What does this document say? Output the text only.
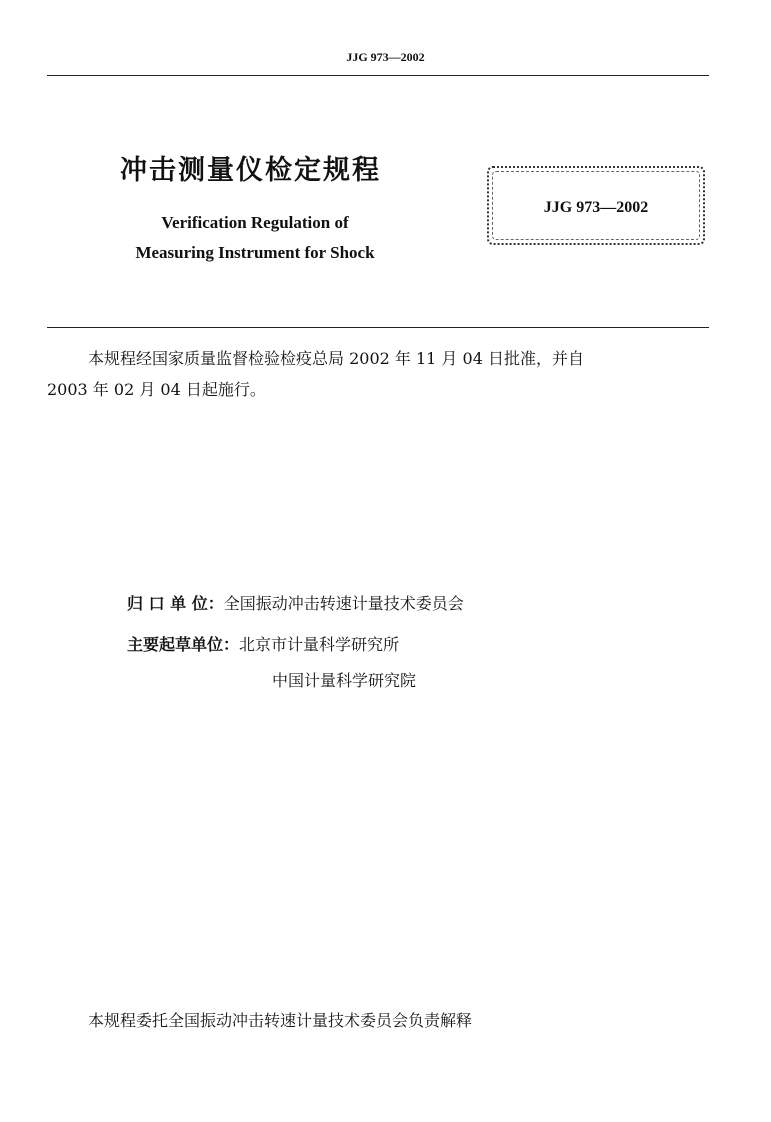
JJG 973—2002
冲击测量仪检定规程
Verification Regulation of
Measuring Instrument for Shock
JJG 973—2002
本规程经国家质量监督检验检疫总局 2002 年 11 月 04 日批准，并自
2003 年 02 月 04 日起施行。
归 口 单 位：全国振动冲击转速计量技术委员会
主要起草单位：北京市计量科学研究所
中国计量科学研究院
本规程委托全国振动冲击转速计量技术委员会负责解释
